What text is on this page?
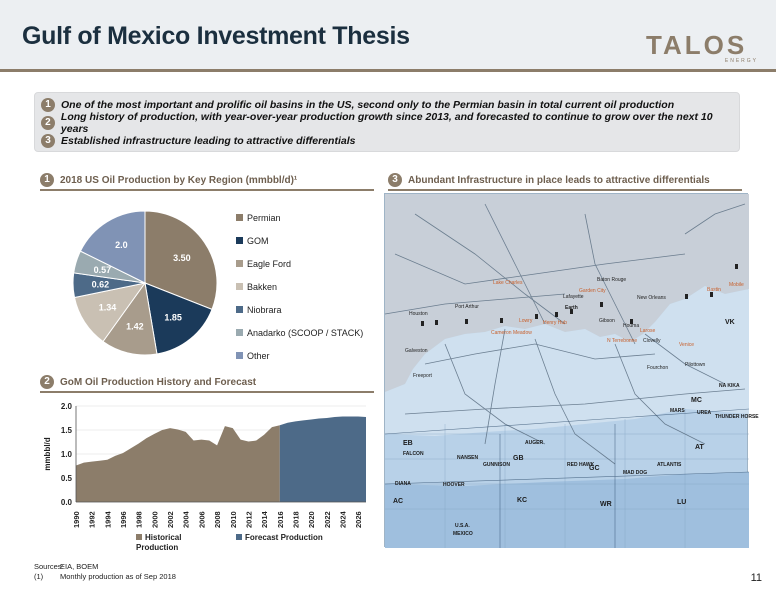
Gulf of Mexico Investment Thesis	TALOS
ENERGY
1 One of the most important and prolific oil basins in the US, second only to the Permian basin in total current oil production
2 Long history of production, with year-over-year production growth since 2013, and forecasted to continue to grow over the next 10 years
3 Established infrastructure leading to attractive differentials
1	2018 US Oil Production by Key Region (mmbbl/d)¹
3.50
1.85
1.42
1.34
0.62
0.57
2.0
Permian
GOM
Eagle Ford
Bakken
Niobrara
Anadarko (SCOOP / STACK)
Other
2	GoM Oil Production History and Forecast
0.0
0.5
1.0
1.5
2.0
1990 1992 1994 1996 1998 2000 2002 2004 2006 2008 2010 2012 2014 2016 2018 2020 2022 2024 2026
mmbbl/d
Historical Production
Forecast Production
3	Abundant Infrastructure in place leads to attractive differentials
Baton Rouge
Lafayette
Earth
Port Arthur
Houston
Galveston
Freeport
Gibson
Houma
Clovelly
New Orleans
Fourchon	Pilottown
Lake Charles
Cameron Meadow
Lowry Henry Hub
Garden City
Larose
Venice
Bastin
Mobile
N Terrebonne
EB
FALCON
NANSEN	GB
AUGER
GUNNISON	RED HAWK
GC
MAD DOG
ATLANTIS
DIANA	HOOVER
KC
AC	WR	LU
MC
MARS UREA
THUNDER HORSE
AT
NA KIKA
VK
U.S.A.
MEXICO
Sources:
EIA, BOEM
(1) Monthly production as of Sep 2018	11
